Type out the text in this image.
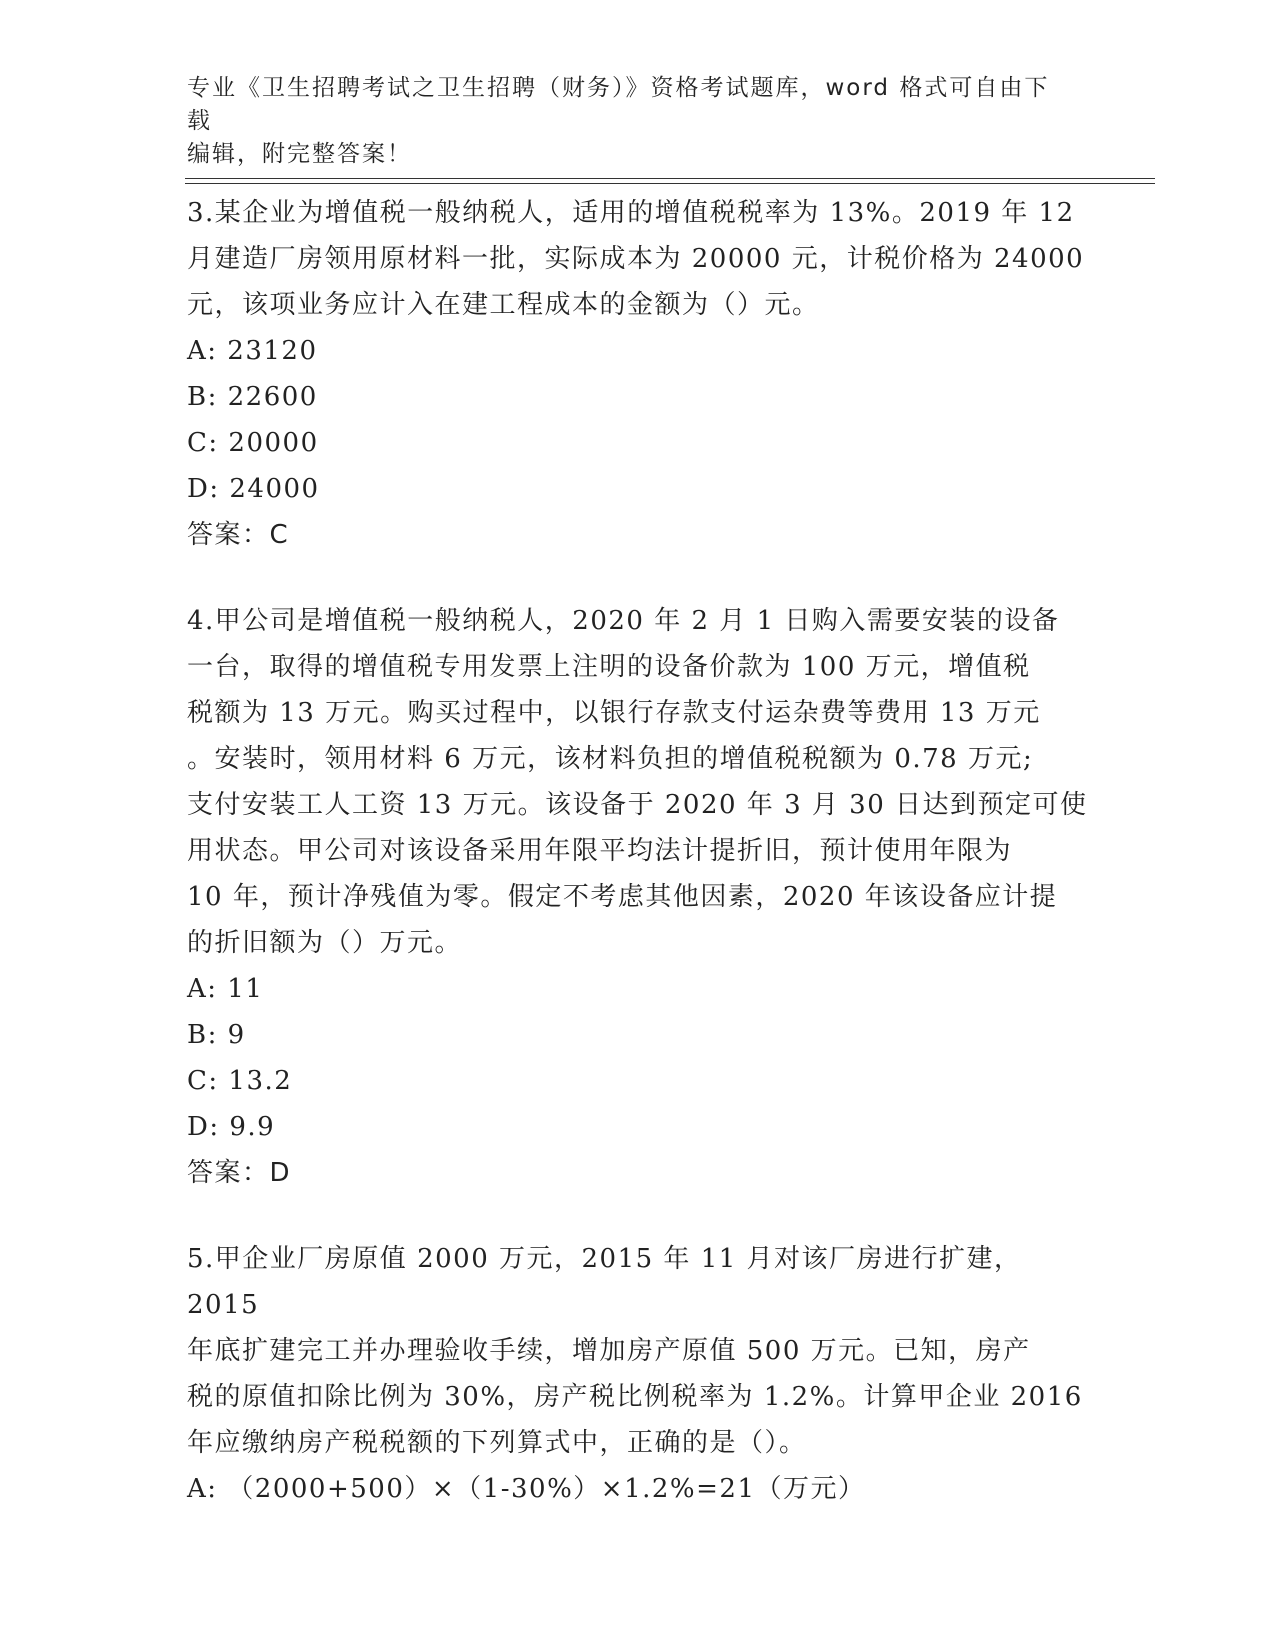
专业《卫生招聘考试之卫生招聘（财务）》资格考试题库，word 格式可自由下载
编辑，附完整答案！

3.某企业为增值税一般纳税人，适用的增值税税率为 13%。2019 年 12

月建造厂房领用原材料一批，实际成本为 20000 元，计税价格为 24000

元，该项业务应计入在建工程成本的金额为（）元。

A: 23120

B: 22600

C: 20000

D: 24000

答案：C

4.甲公司是增值税一般纳税人，2020 年 2 月 1 日购入需要安装的设备

一台，取得的增值税专用发票上注明的设备价款为 100 万元，增值税

税额为 13 万元。购买过程中，以银行存款支付运杂费等费用 13 万元

。安装时，领用材料 6 万元，该材料负担的增值税税额为 0.78 万元;

支付安装工人工资 13 万元。该设备于 2020 年 3 月 30 日达到预定可使

用状态。甲公司对该设备采用年限平均法计提折旧，预计使用年限为

10 年，预计净残值为零。假定不考虑其他因素，2020 年该设备应计提

的折旧额为（）万元。

A: 11

B: 9

C: 13.2

D: 9.9

答案：D

5.甲企业厂房原值 2000 万元，2015 年 11 月对该厂房进行扩建，2015

年底扩建完工并办理验收手续，增加房产原值 500 万元。已知，房产

税的原值扣除比例为 30%，房产税比例税率为 1.2%。计算甲企业 2016

年应缴纳房产税税额的下列算式中，正确的是（）。

A: （2000+500）×（1-30%）×1.2%=21（万元）
